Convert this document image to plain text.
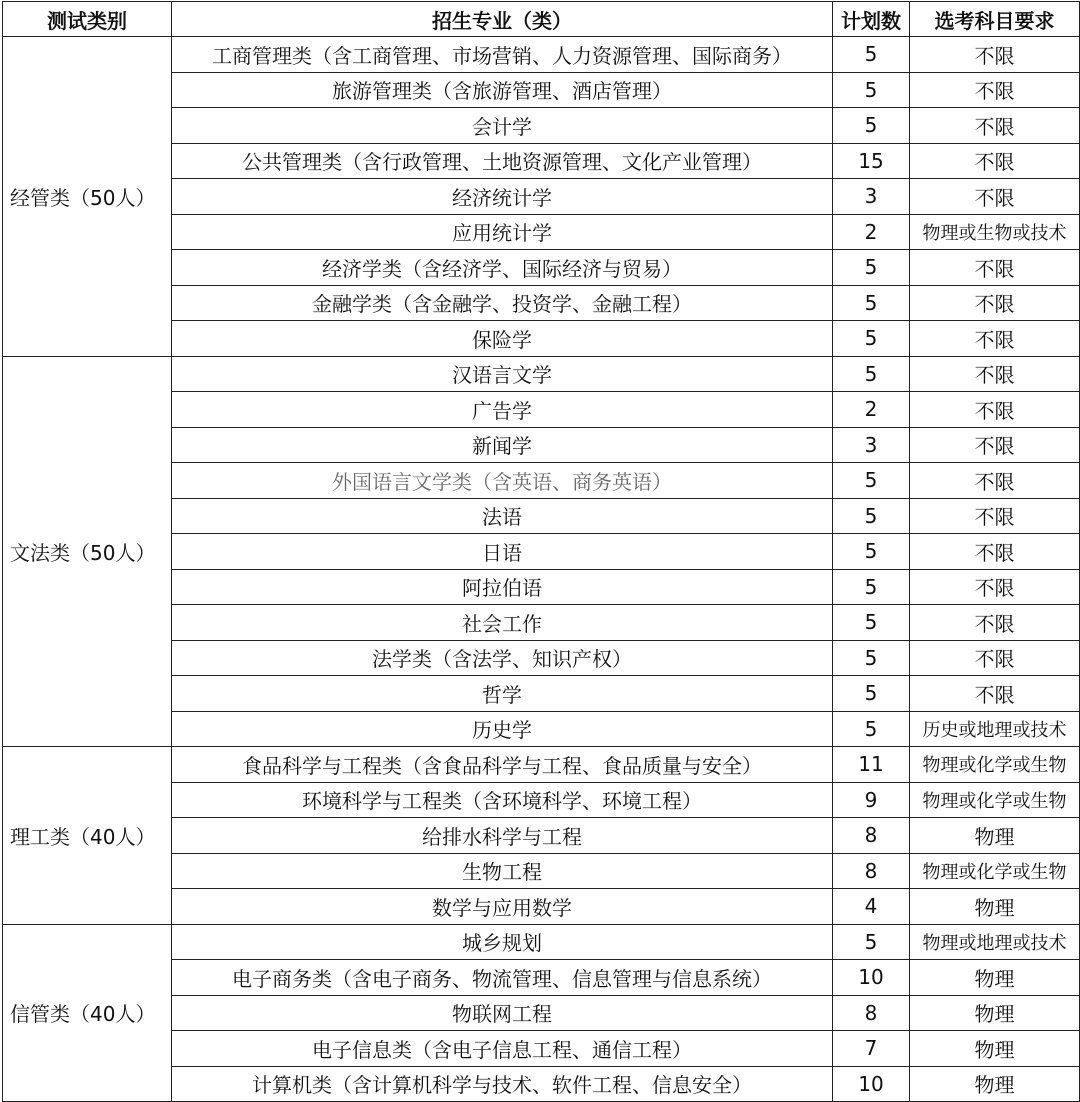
测试类别	招生专业（类）	计划数	选考科目要求
经管类（50人）	工商管理类（含工商管理、市场营销、人力资源管理、国际商务）	5	不限
	旅游管理类（含旅游管理、酒店管理）	5	不限
	会计学	5	不限
	公共管理类（含行政管理、土地资源管理、文化产业管理）	15	不限
	经济统计学	3	不限
	应用统计学	2	物理或生物或技术
	经济学类（含经济学、国际经济与贸易）	5	不限
	金融学类（含金融学、投资学、金融工程）	5	不限
	保险学	5	不限
文法类（50人）	汉语言文学	5	不限
	广告学	2	不限
	新闻学	3	不限
	外国语言文学类（含英语、商务英语）	5	不限
	法语	5	不限
	日语	5	不限
	阿拉伯语	5	不限
	社会工作	5	不限
	法学类（含法学、知识产权）	5	不限
	哲学	5	不限
	历史学	5	历史或地理或技术
理工类（40人）	食品科学与工程类（含食品科学与工程、食品质量与安全）	11	物理或化学或生物
	环境科学与工程类（含环境科学、环境工程）	9	物理或化学或生物
	给排水科学与工程	8	物理
	生物工程	8	物理或化学或生物
	数学与应用数学	4	物理
信管类（40人）	城乡规划	5	物理或地理或技术
	电子商务类（含电子商务、物流管理、信息管理与信息系统）	10	物理
	物联网工程	8	物理
	电子信息类（含电子信息工程、通信工程）	7	物理
	计算机类（含计算机科学与技术、软件工程、信息安全）	10	物理
